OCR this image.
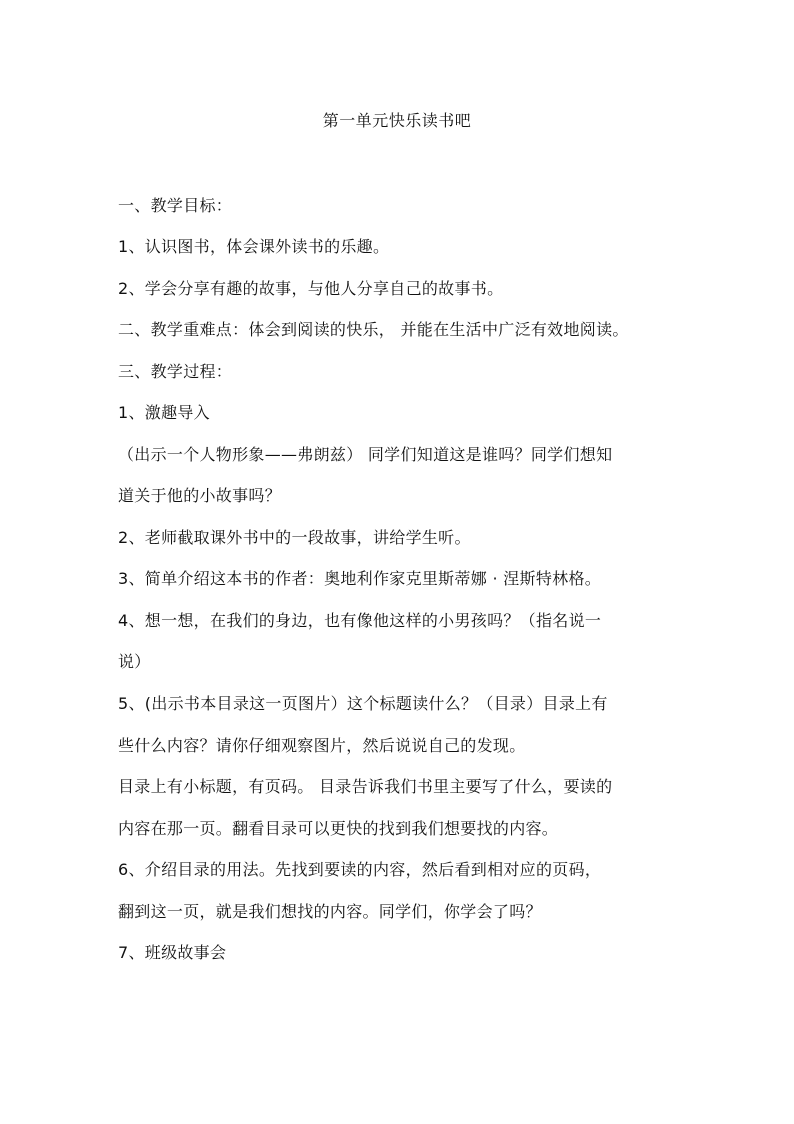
第一单元快乐读书吧
一、教学目标：
1、认识图书，体会课外读书的乐趣。
2、学会分享有趣的故事，与他人分享自己的故事书。
二、教学重难点：体会到阅读的快乐， 并能在生活中广泛有效地阅读。
三、教学过程：
1、激趣导入
（出示一个人物形象——弗朗兹） 同学们知道这是谁吗？同学们想知
道关于他的小故事吗？
2、老师截取课外书中的一段故事，讲给学生听。
3、简单介绍这本书的作者：奥地利作家克里斯蒂娜 · 涅斯特林格。
4、想一想，在我们的身边，也有像他这样的小男孩吗？（指名说一
说）
5、(出示书本目录这一页图片）这个标题读什么？（目录）目录上有
些什么内容？请你仔细观察图片，然后说说自己的发现。
目录上有小标题，有页码。 目录告诉我们书里主要写了什么，要读的
内容在那一页。翻看目录可以更快的找到我们想要找的内容。
6、介绍目录的用法。先找到要读的内容，然后看到相对应的页码，
翻到这一页，就是我们想找的内容。同学们，你学会了吗？
7、班级故事会
